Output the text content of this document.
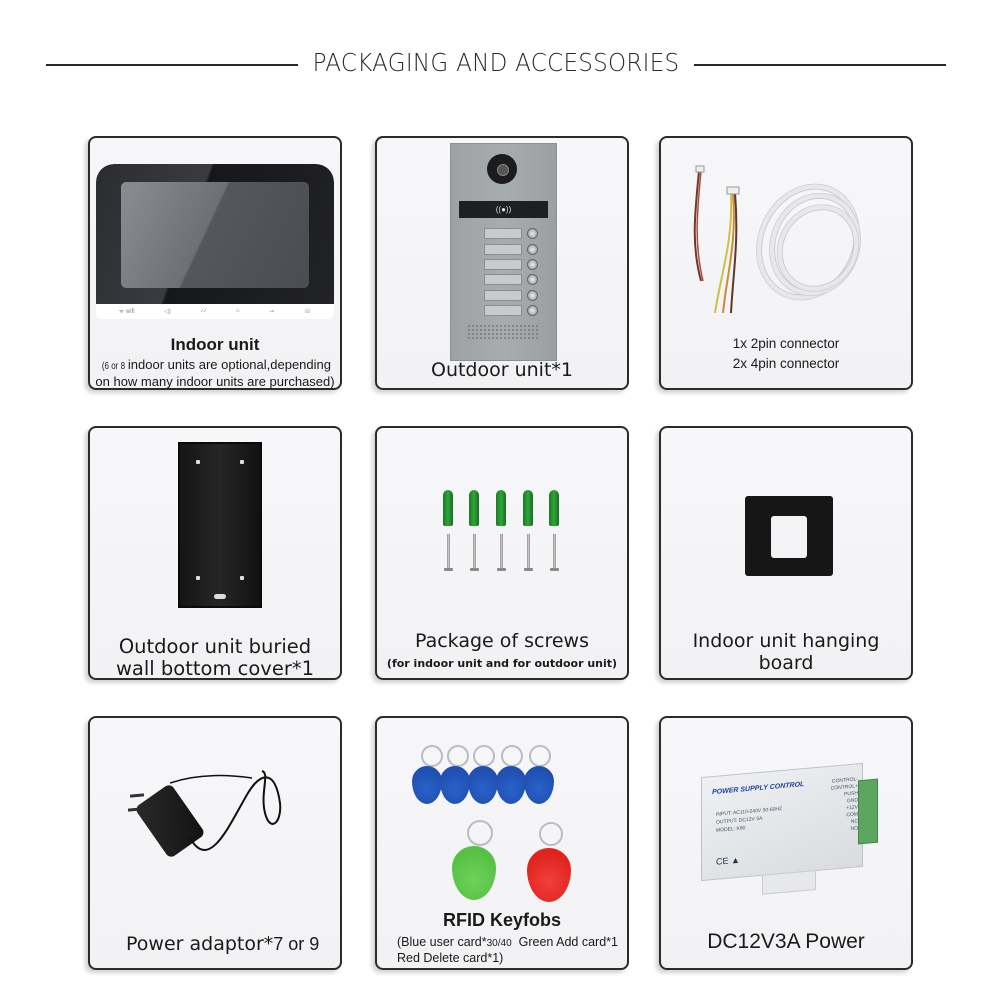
PACKAGING AND ACCESSORIES
ᯤ wifi	◁)	♪♪	⌂	⊸	☏
Indoor unit
(6 or 8 indoor units are optional,depending
on how many indoor units are purchased)
((●))
Outdoor unit*1
1x 2pin connector
2x 4pin connector
Outdoor unit buried
wall bottom cover*1
Package of screws
(for indoor unit and for outdoor unit)
Indoor unit hanging
board
Power adaptor*7 or 9
RFID Keyfobs
(Blue user card*30/40  Green Add card*1
Red Delete card*1)
POWER SUPPLY CONTROL
INPUT: AC110-240V 50-60HZ
OUTPUT: DC12V 3A
MODEL: K80
CONTROL-
CONTROL+
PUSH
GND
+12V
COM
NC
NO
CE ▲
DC12V3A Power
